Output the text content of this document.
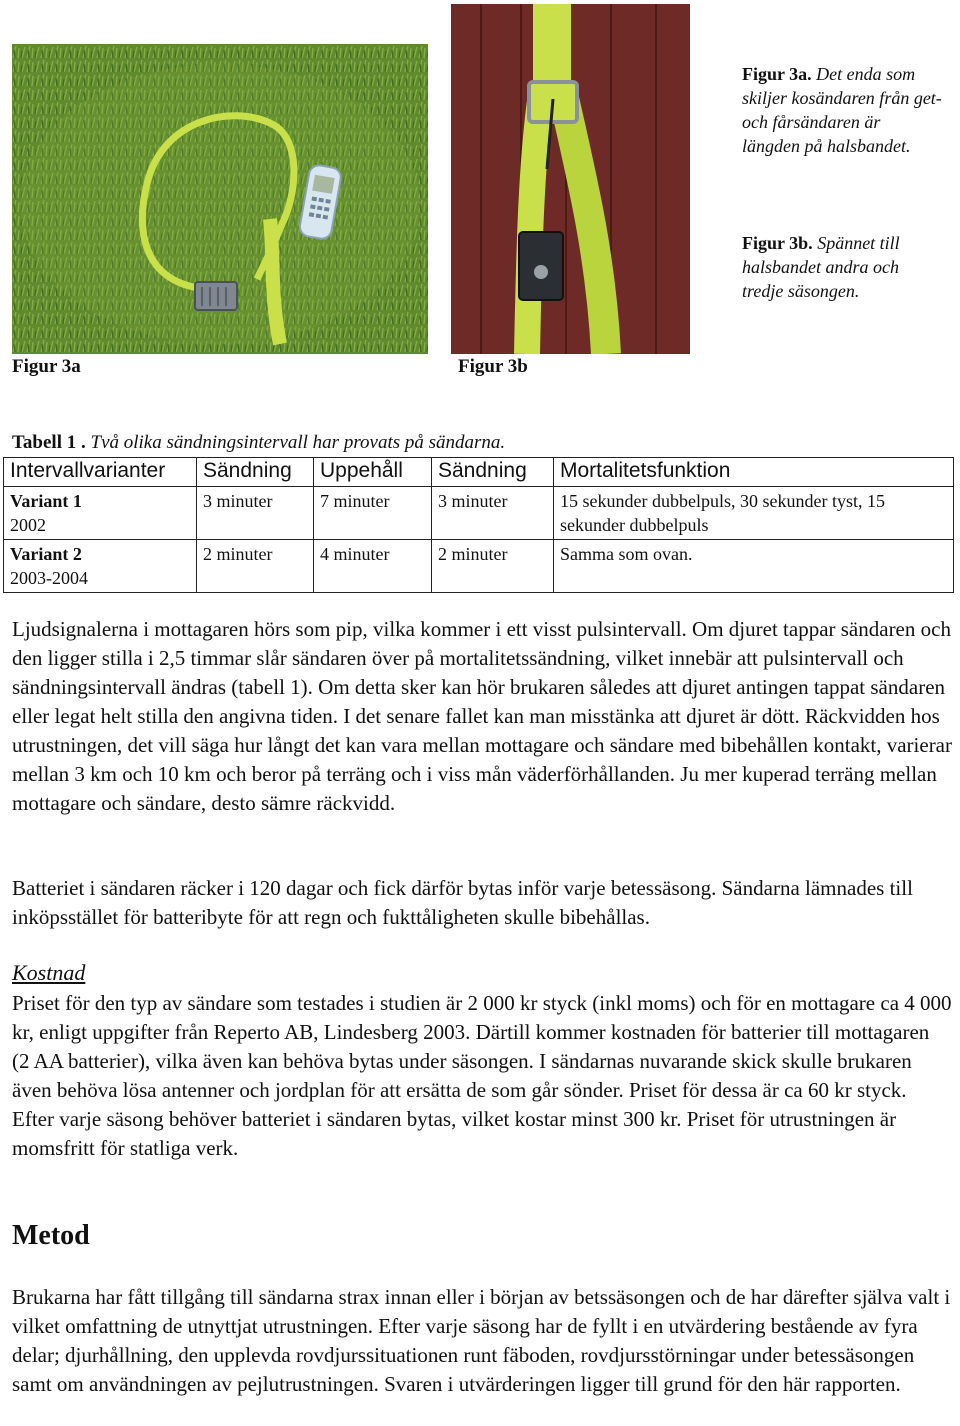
Figur 3a. Det enda som skiljer kosändaren från get- och fårsändaren är längden på halsbandet.
Figur 3b. Spännet till halsbandet andra och tredje säsongen.
Figur 3a	Figur 3b
Tabell 1 . Två olika sändningsintervall har provats på sändarna.
Intervallvarianter	Sändning	Uppehåll	Sändning	Mortalitetsfunktion
Variant 1
2002	3 minuter	7 minuter	3 minuter	15 sekunder dubbelpuls, 30 sekunder tyst, 15 sekunder dubbelpuls
Variant 2
2003-2004	2 minuter	4 minuter	2 minuter	Samma som ovan.

Ljudsignalerna i mottagaren hörs som pip, vilka kommer i ett visst pulsintervall. Om djuret tappar sändaren och den ligger stilla i 2,5 timmar slår sändaren över på mortalitetssändning, vilket innebär att pulsintervall och sändningsintervall ändras (tabell 1). Om detta sker kan hör brukaren således att djuret antingen tappat sändaren eller legat helt stilla den angivna tiden. I det senare fallet kan man misstänka att djuret är dött. Räckvidden hos utrustningen, det vill säga hur långt det kan vara mellan mottagare och sändare med bibehållen kontakt, varierar mellan 3 km och 10 km och beror på terräng och i viss mån väderförhållanden. Ju mer kuperad terräng mellan mottagare och sändare, desto sämre räckvidd.

Batteriet i sändaren räcker i 120 dagar och fick därför bytas inför varje betessäsong. Sändarna lämnades till inköpsstället för batteribyte för att regn och fukttåligheten skulle bibehållas.

Kostnad

Priset för den typ av sändare som testades i studien är 2 000 kr styck (inkl moms) och för en mottagare ca 4 000 kr, enligt uppgifter från Reperto AB, Lindesberg 2003. Därtill kommer kostnaden för batterier till mottagaren (2 AA batterier), vilka även kan behöva bytas under säsongen. I sändarnas nuvarande skick skulle brukaren även behöva lösa antenner och jordplan för att ersätta de som går sönder. Priset för dessa är ca 60 kr styck. Efter varje säsong behöver batteriet i sändaren bytas, vilket kostar minst 300 kr. Priset för utrustningen är momsfritt för statliga verk.

Metod

Brukarna har fått tillgång till sändarna strax innan eller i början av betssäsongen och de har därefter själva valt i vilket omfattning de utnyttjat utrustningen. Efter varje säsong har de fyllt i en utvärdering bestående av fyra delar; djurhållning, den upplevda rovdjurssituationen runt fäboden, rovdjursstörningar under betessäsongen samt om användningen av pejlutrustningen. Svaren i utvärderingen ligger till grund för den här rapporten.
